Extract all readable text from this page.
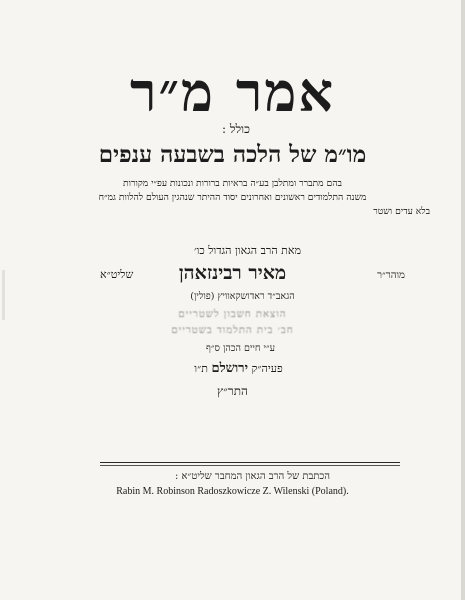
אמר מ״ר
כולל :
מו״מ של הלכה בשבעה ענפים
בהם מתברר ומתלבן בע״ה בראיות ברורות ונכונות עפ״י מקורות
משנה התלמודים ראשונים ואחרונים יסוד ההיתר שנהגין העולם להלוות גמ״ח
בלא עדים ושטר
מאת הרב הגאון הגדול כו׳
מוהר״ר
מאיר רבינזאהן
שליט״א
הגאב״ד ראדושקאוויץ (פולין)
הוצאת חשבון לשטריים
חב׳ בית התלמוד בשטריים
ע״י חיים הכהן ס״ף
פעיה״ק ירושלם ת״ו
התר״ץ
הכתבת של הרב הגאון המחבר שליט״א :
Rabin M. Robinson Radoszkowicze Z. Wilenski (Poland).
